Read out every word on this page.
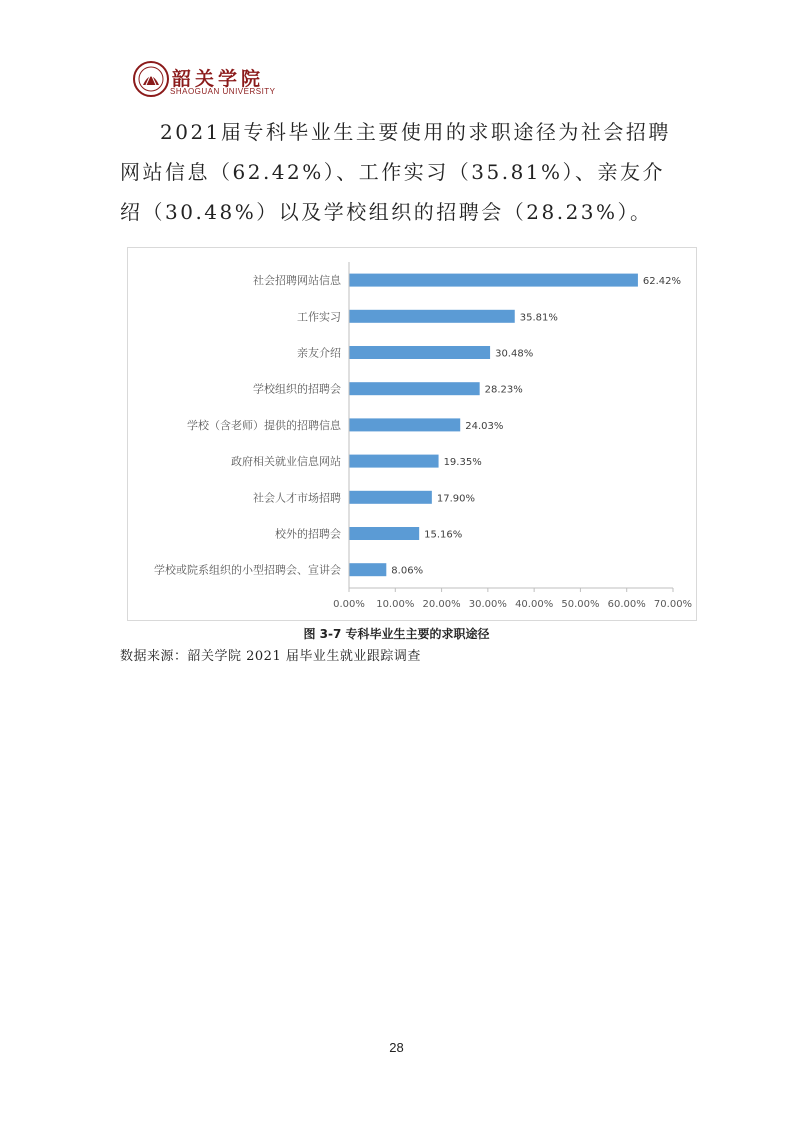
韶关学院
SHAOGUAN UNIVERSITY

2021届专科毕业生主要使用的求职途径为社会招聘网站信息（62.42%）、工作实习（35.81%）、亲友介绍（30.48%）以及学校组织的招聘会（28.23%）。

社会招聘网站信息	62.42%
工作实习	35.81%
亲友介绍	30.48%
学校组织的招聘会	28.23%
学校（含老师）提供的招聘信息	24.03%
政府相关就业信息网站	19.35%
社会人才市场招聘	17.90%
校外的招聘会	15.16%
学校或院系组织的小型招聘会、宣讲会	8.06%
0.00% 10.00% 20.00% 30.00% 40.00% 50.00% 60.00% 70.00%
图 3-7 专科毕业生主要的求职途径
数据来源：韶关学院 2021 届毕业生就业跟踪调查
28
